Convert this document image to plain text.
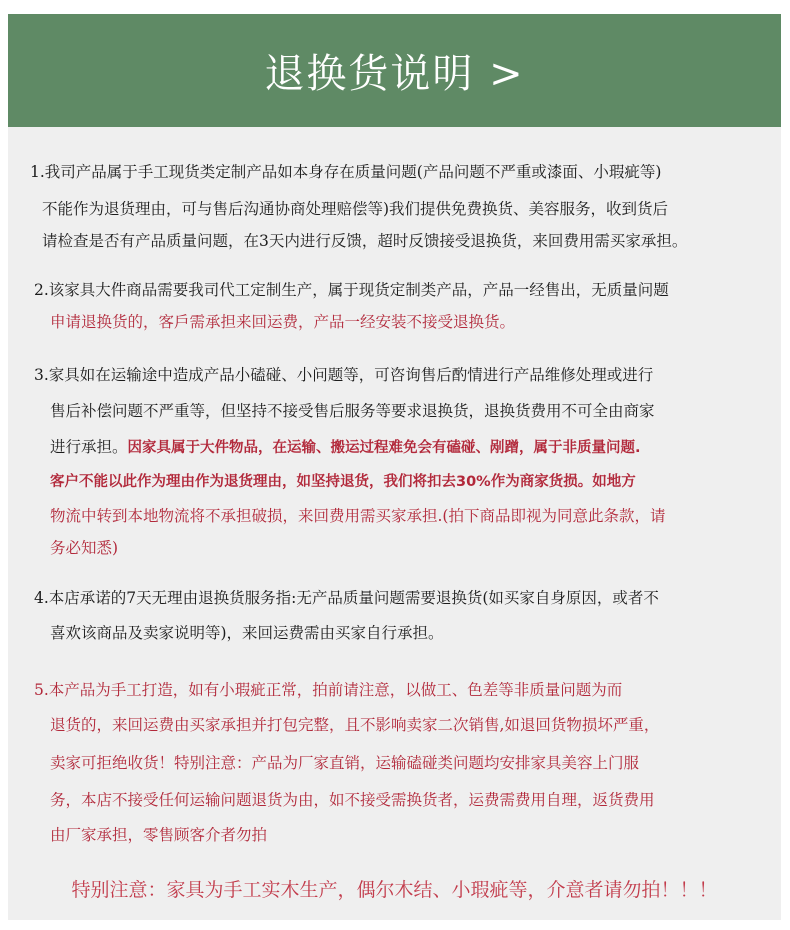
退换货说明 >
1.我司产品属于手工现货类定制产品如本身存在质量问题(产品问题不严重或漆面、小瑕疵等)
不能作为退货理由，可与售后沟通协商处理赔偿等)我们提供免费换货、美容服务，收到货后
请检查是否有产品质量问题，在3天内进行反馈，超时反馈接受退换货，来回费用需买家承担。
2.该家具大件商品需要我司代工定制生产，属于现货定制类产品，产品一经售出，无质量问题
申请退换货的，客戶需承担来回运费，产品一经安装不接受退换货。
3.家具如在运输途中造成产品小磕碰、小问题等，可咨询售后酌情进行产品维修处理或进行
售后补偿问题不严重等，但坚持不接受售后服务等要求退换货，退换货费用不可全由商家
进行承担。因家具属于大件物品，在运输、搬运过程难免会有磕碰、剐蹭，属于非质量问题.
客户不能以此作为理由作为退货理由，如坚持退货，我们将扣去30%作为商家货损。如地方
物流中转到本地物流将不承担破损，来回费用需买家承担.(拍下商品即视为同意此条款，请
务必知悉)
4.本店承诺的7天无理由退换货服务指:无产品质量问题需要退换货(如买家自身原因，或者不
喜欢该商品及卖家说明等)，来回运费需由买家自行承担。
5.本产品为手工打造，如有小瑕疵正常，拍前请注意，以做工、色差等非质量问题为而
退货的，来回运费由买家承担并打包完整，且不影响卖家二次销售,如退回货物损坏严重，
卖家可拒绝收货！特别注意：产品为厂家直销，运输磕碰类问题均安排家具美容上门服
务，本店不接受任何运输问题退货为由，如不接受需换货者，运费需费用自理，返货费用
由厂家承担，零售顾客介者勿拍
特别注意：家具为手工实木生产，偶尔木结、小瑕疵等，介意者请勿拍！！！
